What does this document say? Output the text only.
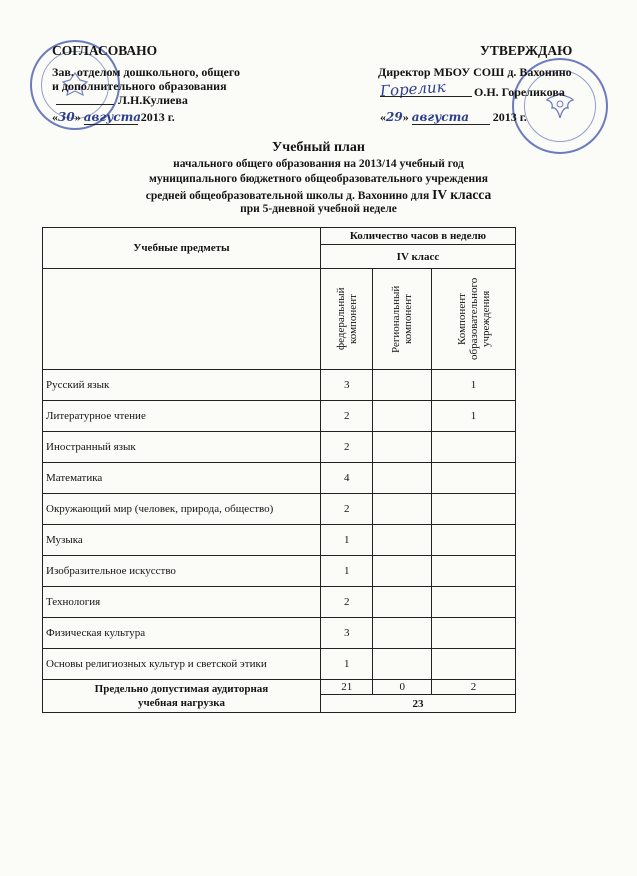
СОГЛАСОВАНО
Зав. отделом дошкольного, общего
и дополнительного образования
Л.Н.Кулиева
«30» августа 2013 г.
УТВЕРЖДАЮ
Директор МБОУ СОШ д. Вахонино
Горелик О.Н. Гореликова
«29» августа 2013 г.
Учебный план
начального общего образования на 2013/14 учебный год
муниципального бюджетного общеобразовательного учреждения
средней общеобразовательной школы д. Вахонино для IV класса
при 5-дневной учебной неделе
Учебные предметы	Количество часов в неделю		
	IV класс		

	федеральный компонент	Региональный компонент	Компонент образовательного учреждения

Русский язык	3		1
Литературное чтение	2		1
Иностранный язык	2		
Математика	4		
Окружающий мир (человек, природа, общество)	2		
Музыка	1		
Изобразительное искусство	1		
Технология	2		
Физическая культура	3		
Основы религиозных культур и светской этики	1		

Предельно допустимая аудиторная
учебная нагрузка	21	0	2
	23		
